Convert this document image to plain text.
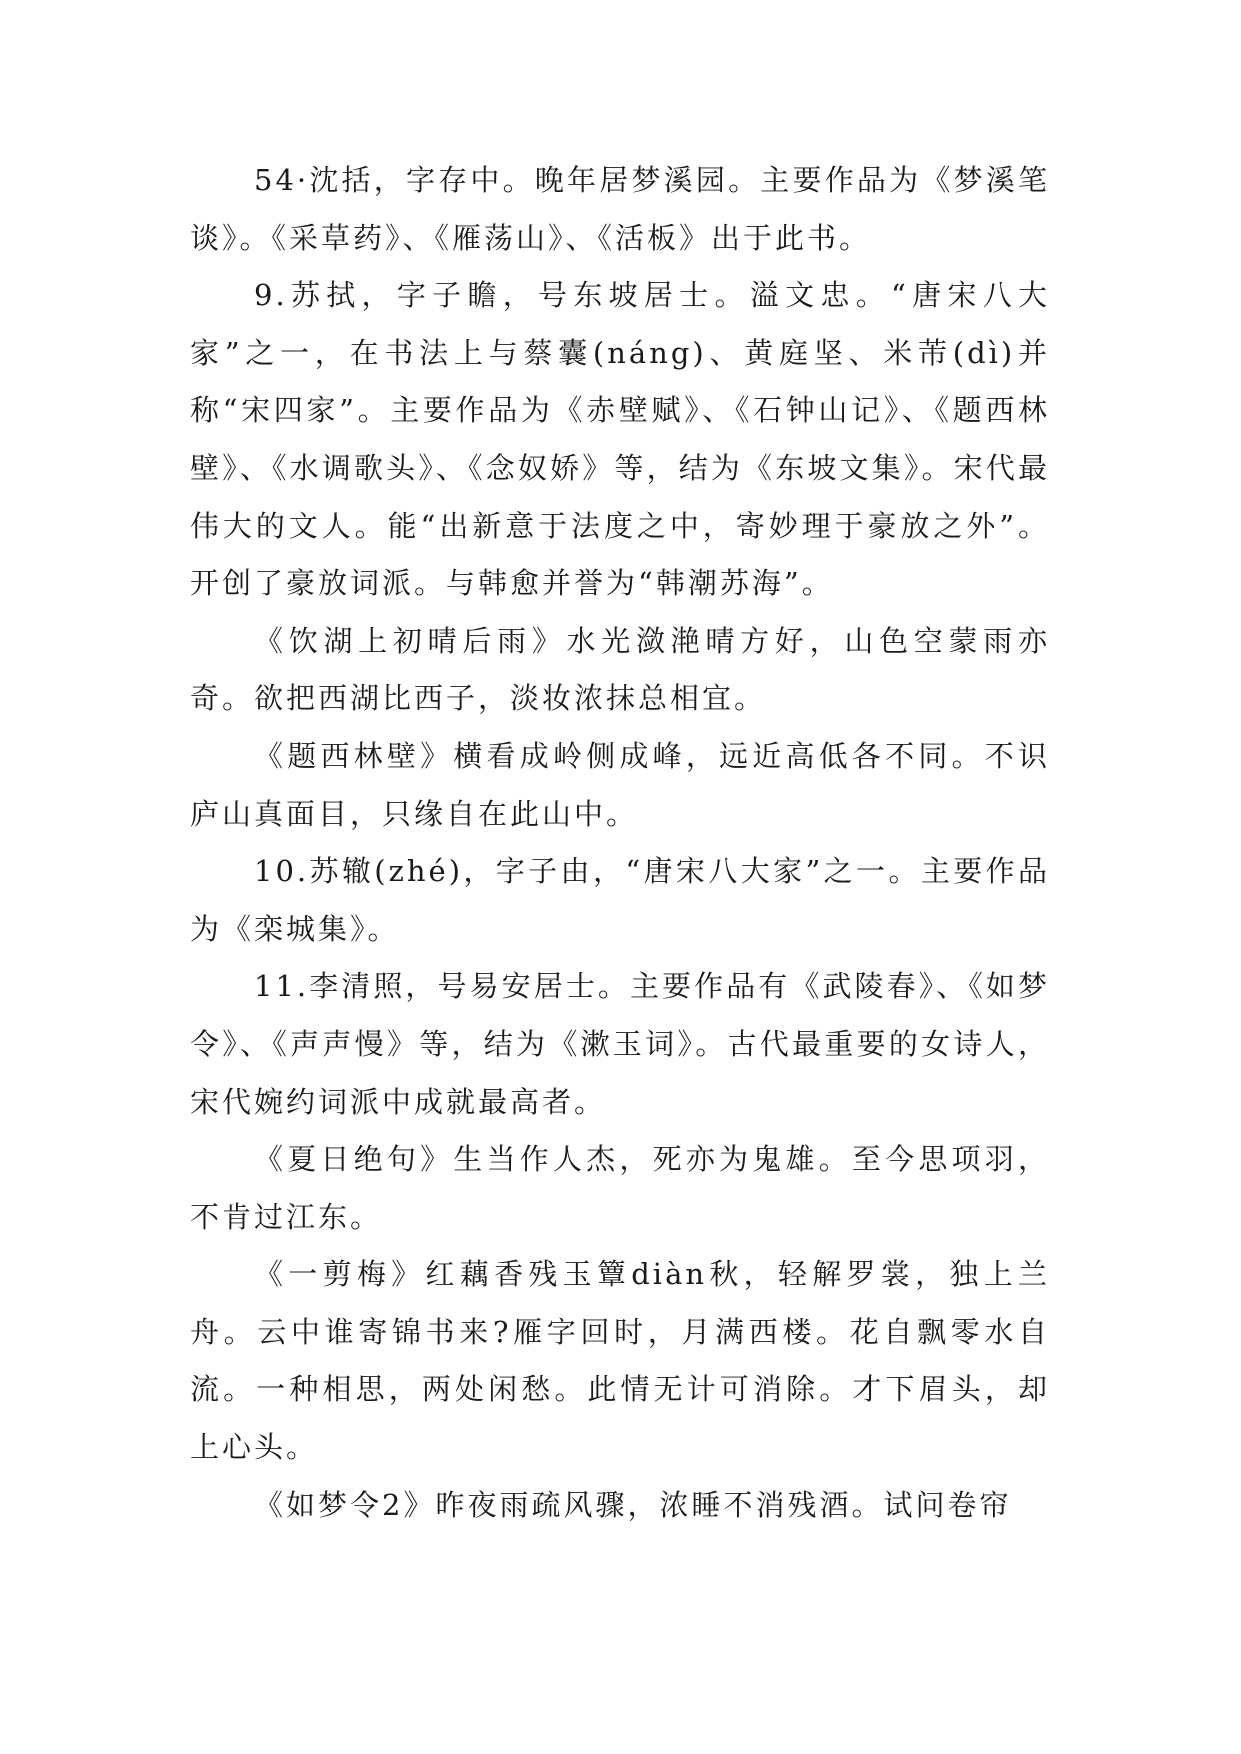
54·沈括，字存中。晚年居梦溪园。主要作品为《梦溪笔谈》。《采草药》、《雁荡山》、《活板》出于此书。

9.苏拭，字子瞻，号东坡居士。溢文忠。“唐宋八大家”之一，在书法上与蔡囊(náng)、黄庭坚、米芾(dì)并称“宋四家”。主要作品为《赤壁赋》、《石钟山记》、《题西林壁》、《水调歌头》、《念奴娇》等，结为《东坡文集》。宋代最伟大的文人。能“出新意于法度之中，寄妙理于豪放之外”。开创了豪放词派。与韩愈并誉为“韩潮苏海”。

《饮湖上初晴后雨》水光潋滟晴方好，山色空蒙雨亦奇。欲把西湖比西子，淡妆浓抹总相宜。

《题西林壁》横看成岭侧成峰，远近高低各不同。不识庐山真面目，只缘自在此山中。

10.苏辙(zhé)，字子由，“唐宋八大家”之一。主要作品为《栾城集》。

11.李清照，号易安居士。主要作品有《武陵春》、《如梦令》、《声声慢》等，结为《漱玉词》。古代最重要的女诗人，宋代婉约词派中成就最高者。

《夏日绝句》生当作人杰，死亦为鬼雄。至今思项羽，不肯过江东。

《一剪梅》红藕香残玉簟diàn秋，轻解罗裳，独上兰舟。云中谁寄锦书来?雁字回时，月满西楼。花自飘零水自流。一种相思，两处闲愁。此情无计可消除。才下眉头，却上心头。

《如梦令2》昨夜雨疏风骤，浓睡不消残酒。试问卷帘
